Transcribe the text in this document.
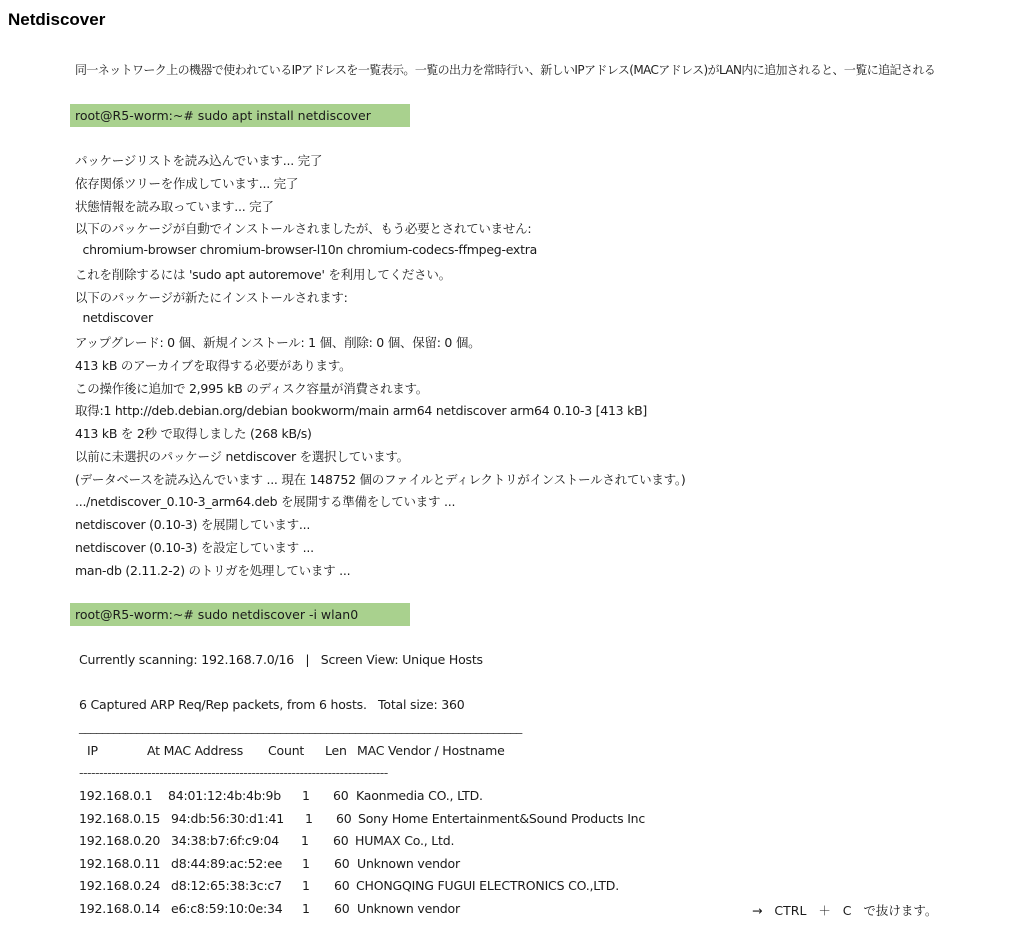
Netdiscover
同一ネットワーク上の機器で使われているIPアドレスを一覧表示。一覧の出力を常時行い、新しいIPアドレス(MACアドレス)がLAN内に追加されると、一覧に追記される
root@R5-worm:~# sudo apt install netdiscover
パッケージリストを読み込んでいます... 完了
依存関係ツリーを作成しています... 完了
状態情報を読み取っています... 完了
以下のパッケージが自動でインストールされましたが、もう必要とされていません:
chromium-browser chromium-browser-l10n chromium-codecs-ffmpeg-extra
これを削除するには 'sudo apt autoremove' を利用してください。
以下のパッケージが新たにインストールされます:
netdiscover
アップグレード: 0 個、新規インストール: 1 個、削除: 0 個、保留: 0 個。
413 kB のアーカイブを取得する必要があります。
この操作後に追加で 2,995 kB のディスク容量が消費されます。
取得:1 http://deb.debian.org/debian bookworm/main arm64 netdiscover arm64 0.10-3 [413 kB]
413 kB を 2秒 で取得しました (268 kB/s)
以前に未選択のパッケージ netdiscover を選択しています。
(データベースを読み込んでいます ... 現在 148752 個のファイルとディレクトリがインストールされています。)
.../netdiscover_0.10-3_arm64.deb を展開する準備をしています ...
netdiscover (0.10-3) を展開しています...
netdiscover (0.10-3) を設定しています ...
man-db (2.11.2-2) のトリガを処理しています ...
root@R5-worm:~# sudo netdiscover -i wlan0
Currently scanning: 192.168.7.0/16   |   Screen View: Unique Hosts
6 Captured ARP Req/Rep packets, from 6 hosts.   Total size: 360
_____________________________________________________________________________
IP	At MAC Address Count Len MAC Vendor / Hostname
-----------------------------------------------------------------------------
192.168.0.1 84:01:12:4b:4b:9b 1 60 Kaonmedia CO., LTD.
192.168.0.15 94:db:56:30:d1:41 1 60 Sony Home Entertainment&Sound Products Inc
192.168.0.20 34:38:b7:6f:c9:04 1 60 HUMAX Co., Ltd.
192.168.0.11 d8:44:89:ac:52:ee 1 60 Unknown vendor
192.168.0.24 d8:12:65:38:3c:c7 1 60 CHONGQING FUGUI ELECTRONICS CO.,LTD.
192.168.0.14 e6:c8:59:10:0e:34 1 60 Unknown vendor	→   CTRL   ＋   C   で抜けます。
